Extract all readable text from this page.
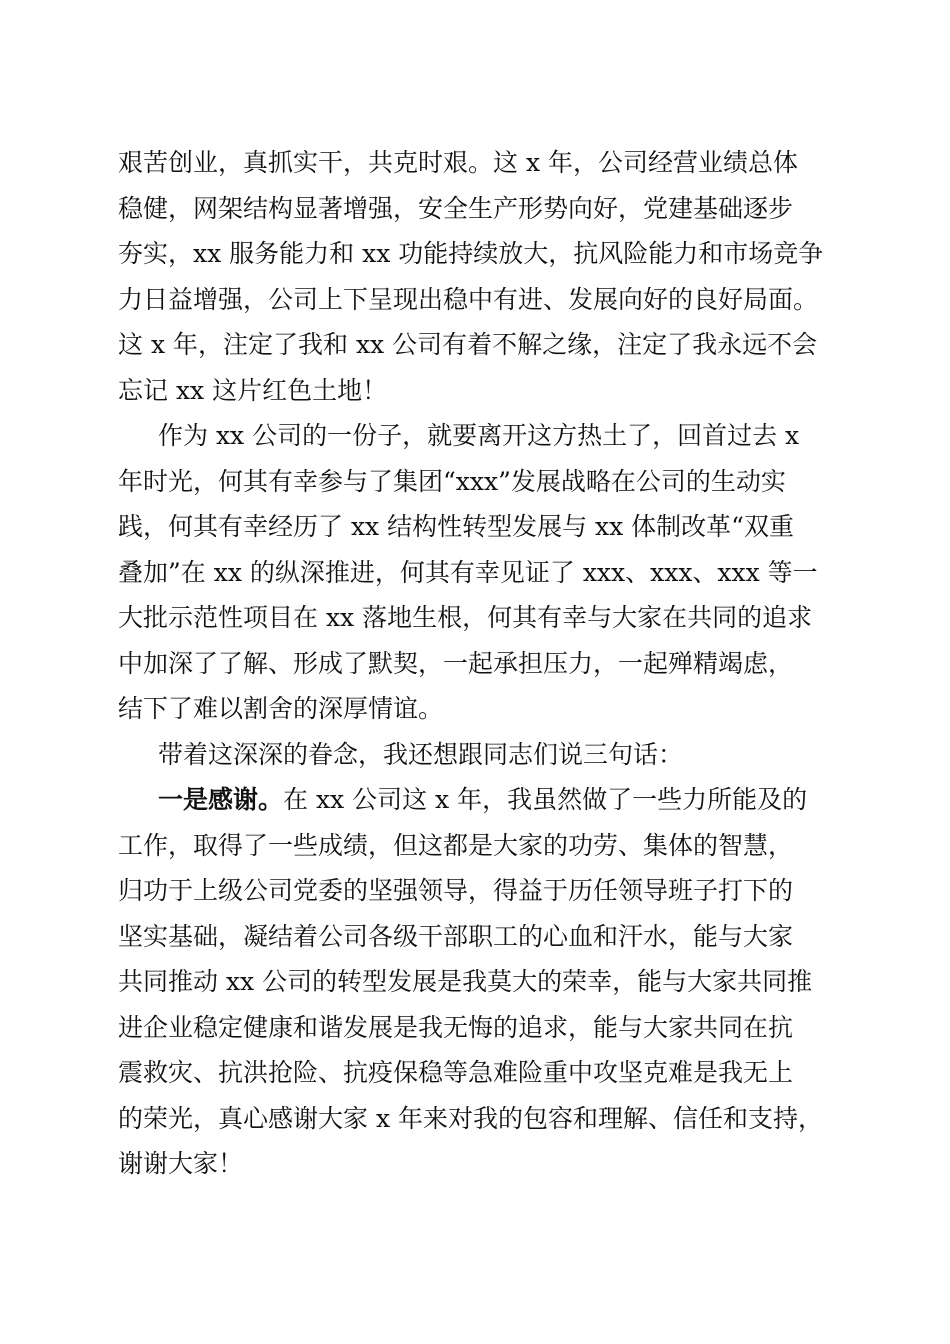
艰苦创业，真抓实干，共克时艰。这 x 年，公司经营业绩总体
稳健，网架结构显著增强，安全生产形势向好，党建基础逐步
夯实，xx 服务能力和 xx 功能持续放大，抗风险能力和市场竞争
力日益增强，公司上下呈现出稳中有进、发展向好的良好局面。
这 x 年，注定了我和 xx 公司有着不解之缘，注定了我永远不会
忘记 xx 这片红色土地！
作为 xx 公司的一份子，就要离开这方热土了，回首过去 x
年时光，何其有幸参与了集团“xxx”发展战略在公司的生动实
践，何其有幸经历了 xx 结构性转型发展与 xx 体制改革“双重
叠加”在 xx 的纵深推进，何其有幸见证了 xxx、xxx、xxx 等一
大批示范性项目在 xx 落地生根，何其有幸与大家在共同的追求
中加深了了解、形成了默契，一起承担压力，一起殚精竭虑，
结下了难以割舍的深厚情谊。
带着这深深的眷念，我还想跟同志们说三句话：
一是感谢。在 xx 公司这 x 年，我虽然做了一些力所能及的
工作，取得了一些成绩，但这都是大家的功劳、集体的智慧，
归功于上级公司党委的坚强领导，得益于历任领导班子打下的
坚实基础，凝结着公司各级干部职工的心血和汗水，能与大家
共同推动 xx 公司的转型发展是我莫大的荣幸，能与大家共同推
进企业稳定健康和谐发展是我无悔的追求，能与大家共同在抗
震救灾、抗洪抢险、抗疫保稳等急难险重中攻坚克难是我无上
的荣光，真心感谢大家 x 年来对我的包容和理解、信任和支持，
谢谢大家！
